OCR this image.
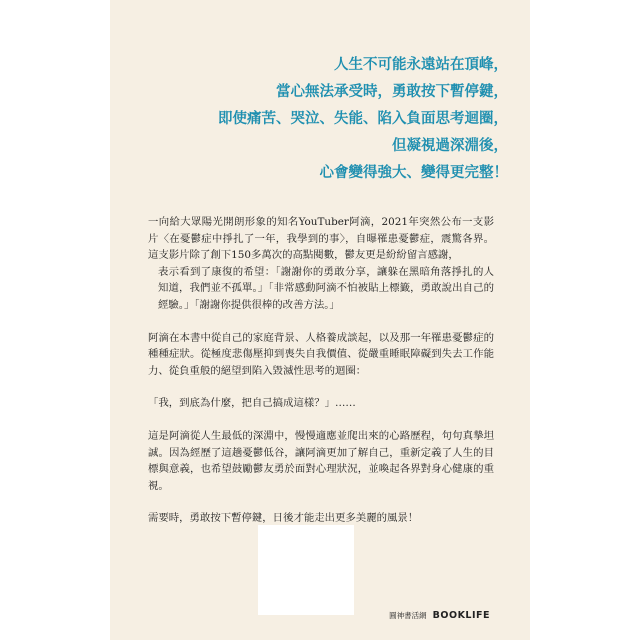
人生不可能永遠站在頂峰，
當心無法承受時，勇敢按下暫停鍵，
即使痛苦、哭泣、失能、陷入負面思考迴圈，
但凝視過深淵後，
心會變得強大、變得更完整！

一向給大眾陽光開朗形象的知名YouTuber阿滴，2021年突然公布一支影片〈在憂鬱症中掙扎了一年，我學到的事〉，自曝罹患憂鬱症，震驚各界。這支影片除了創下150多萬次的高點閱數，鬱友更是紛紛留言感謝，

表示看到了康復的希望：「謝謝你的勇敢分享，讓躲在黑暗角落掙扎的人知道，我們並不孤單。」「非常感動阿滴不怕被貼上標籤，勇敢說出自己的經驗。」「謝謝你提供很棒的改善方法。」

阿滴在本書中從自己的家庭背景、人格養成談起，以及那一年罹患憂鬱症的種種症狀。從極度悲傷壓抑到喪失自我價值、從嚴重睡眠障礙到失去工作能力、從負重般的絕望到陷入毀滅性思考的迴圈：

「我，到底為什麼，把自己搞成這樣？」……

這是阿滴從人生最低的深淵中，慢慢適應並爬出來的心路歷程，句句真摯坦誠。因為經歷了這趟憂鬱低谷，讓阿滴更加了解自己，重新定義了人生的目標與意義，也希望鼓勵鬱友勇於面對心理狀況，並喚起各界對身心健康的重視。

需要時，勇敢按下暫停鍵，日後才能走出更多美麗的風景！

圓神書活網 BOOKLIFE
